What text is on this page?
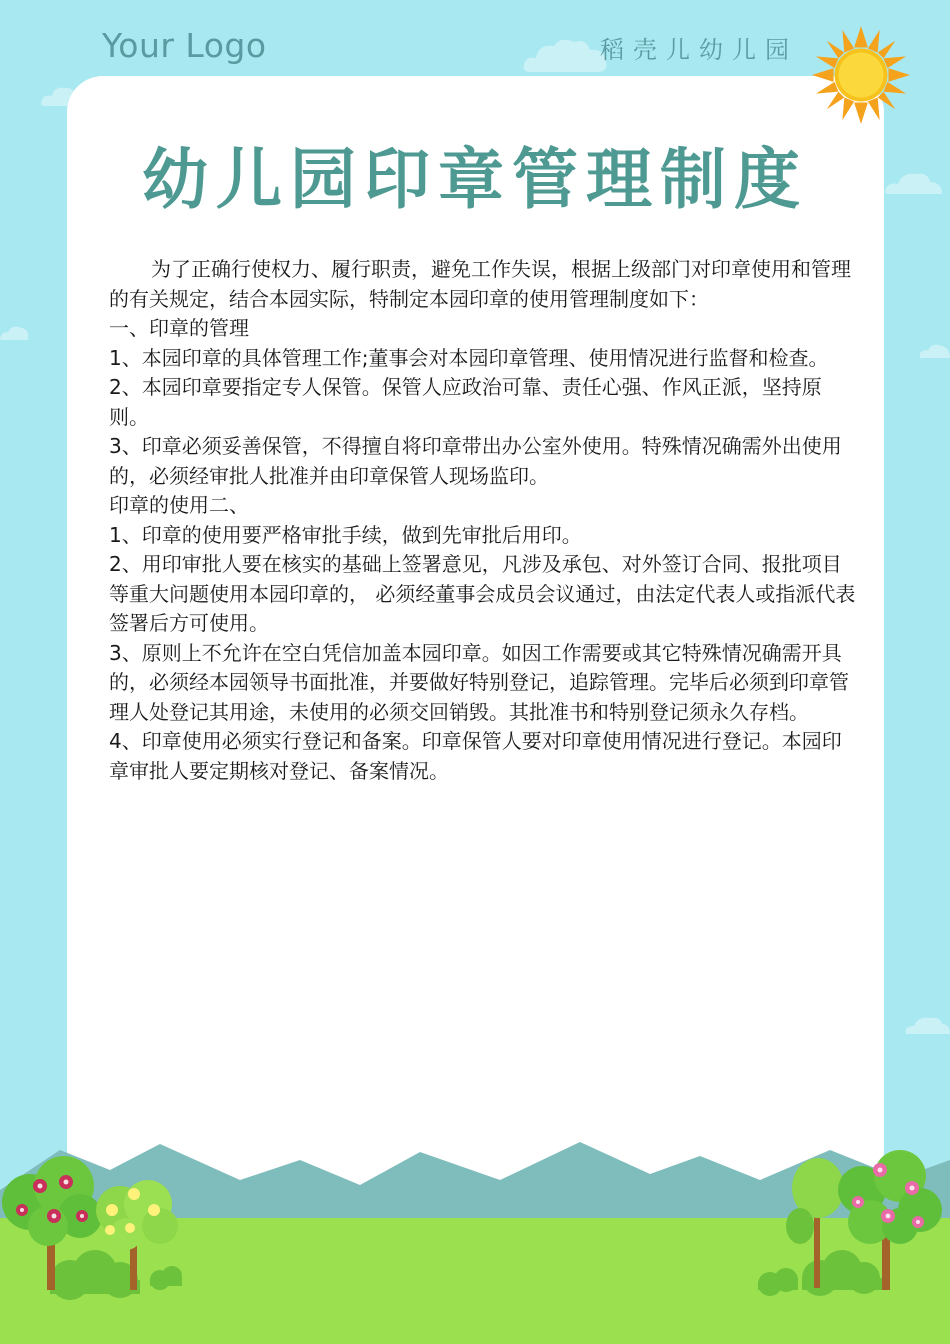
Your Logo	稻壳儿幼儿园
幼儿园印章管理制度

为了正确行使权力、履行职责，避免工作失误，根据上级部门对印章使用和管理的有关规定，结合本园实际，特制定本园印章的使用管理制度如下：

一、印章的管理

1、本园印章的具体管理工作;董事会对本园印章管理、使用情况进行监督和检查。

2、本园印章要指定专人保管。保管人应政治可靠、责任心强、作风正派，坚持原则。

3、印章必须妥善保管，不得擅自将印章带出办公室外使用。特殊情况确需外出使用的，必须经审批人批准并由印章保管人现场监印。

印章的使用二、

1、印章的使用要严格审批手续，做到先审批后用印。

2、用印审批人要在核实的基础上签署意见，凡涉及承包、对外签订合同、报批项目等重大问题使用本园印章的， 必须经董事会成员会议通过，由法定代表人或指派代表签署后方可使用。

3、原则上不允许在空白凭信加盖本园印章。如因工作需要或其它特殊情况确需开具的，必须经本园领导书面批准，并要做好特别登记，追踪管理。完毕后必须到印章管理人处登记其用途，未使用的必须交回销毁。其批准书和特别登记须永久存档。

4、印章使用必须实行登记和备案。印章保管人要对印章使用情况进行登记。本园印章审批人要定期核对登记、备案情况。
